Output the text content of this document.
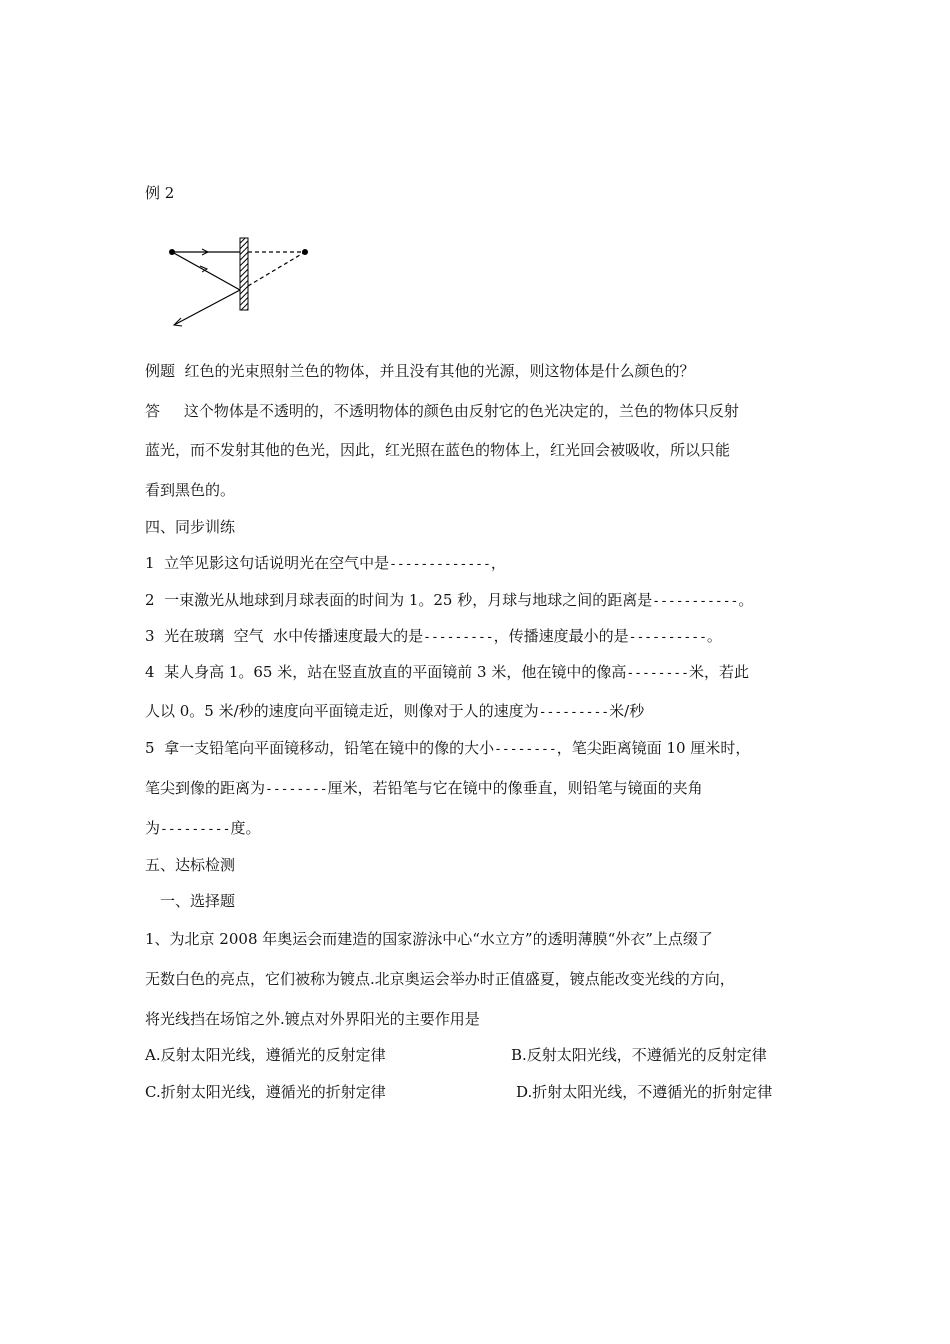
例 2
例题  红色的光束照射兰色的物体，并且没有其他的光源，则这物体是什么颜色的？
答     这个物体是不透明的，不透明物体的颜色由反射它的色光决定的，兰色的物体只反射
蓝光，而不发射其他的色光，因此，红光照在蓝色的物体上，红光回会被吸收，所以只能
看到黑色的。
四、同步训练
1  立竿见影这句话说明光在空气中是-------------，
2  一束激光从地球到月球表面的时间为 1。25 秒，月球与地球之间的距离是-----------。
3  光在玻璃  空气  水中传播速度最大的是---------，传播速度最小的是----------。
4  某人身高 1。65 米，站在竖直放直的平面镜前 3 米，他在镜中的像高--------米，若此
人以 0。5 米/秒的速度向平面镜走近，则像对于人的速度为---------米/秒
5  拿一支铅笔向平面镜移动，铅笔在镜中的像的大小--------，笔尖距离镜面 10 厘米时，
笔尖到像的距离为--------厘米，若铅笔与它在镜中的像垂直，则铅笔与镜面的夹角
为---------度。
五、达标检测
一、选择题
1、为北京 2008 年奥运会而建造的国家游泳中心“水立方”的透明薄膜“外衣”上点缀了
无数白色的亮点，它们被称为镀点.北京奥运会举办时正值盛夏，镀点能改变光线的方向，
将光线挡在场馆之外.镀点对外界阳光的主要作用是
A.反射太阳光线，遵循光的反射定律	B.反射太阳光线，不遵循光的反射定律
C.折射太阳光线，遵循光的折射定律	D.折射太阳光线，不遵循光的折射定律
